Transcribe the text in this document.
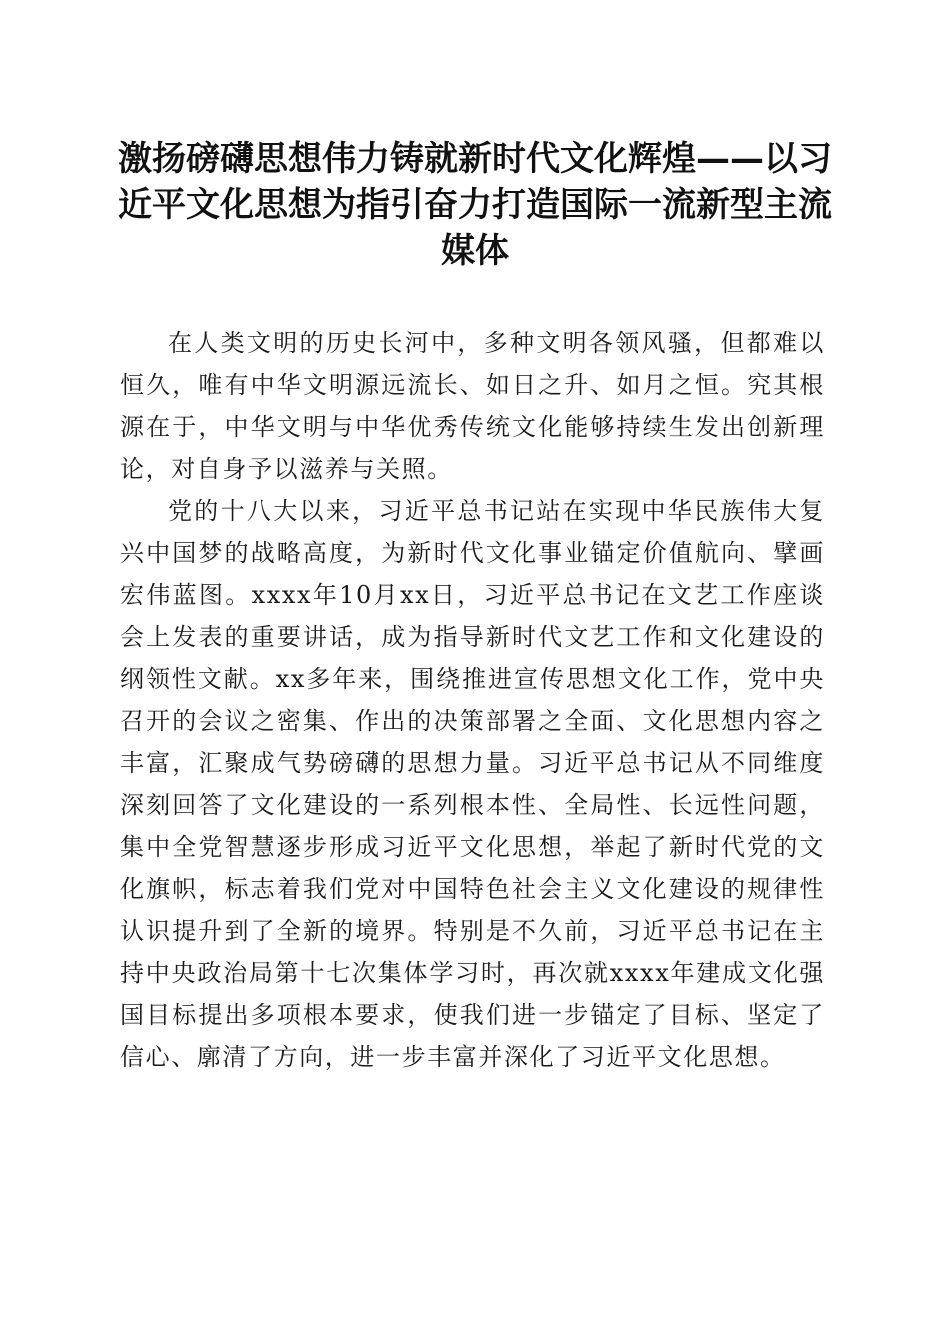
激扬磅礴思想伟力铸就新时代文化辉煌——以习近平文化思想为指引奋力打造国际一流新型主流媒体

在人类文明的历史长河中，多种文明各领风骚，但都难以恒久，唯有中华文明源远流长、如日之升、如月之恒。究其根源在于，中华文明与中华优秀传统文化能够持续生发出创新理论，对自身予以滋养与关照。

党的十八大以来，习近平总书记站在实现中华民族伟大复兴中国梦的战略高度，为新时代文化事业锚定价值航向、擘画宏伟蓝图。xxxx年10月xx日，习近平总书记在文艺工作座谈会上发表的重要讲话，成为指导新时代文艺工作和文化建设的纲领性文献。xx多年来，围绕推进宣传思想文化工作，党中央召开的会议之密集、作出的决策部署之全面、文化思想内容之丰富，汇聚成气势磅礴的思想力量。习近平总书记从不同维度深刻回答了文化建设的一系列根本性、全局性、长远性问题，集中全党智慧逐步形成习近平文化思想，举起了新时代党的文化旗帜，标志着我们党对中国特色社会主义文化建设的规律性认识提升到了全新的境界。特别是不久前，习近平总书记在主持中央政治局第十七次集体学习时，再次就xxxx年建成文化强国目标提出多项根本要求，使我们进一步锚定了目标、坚定了信心、廓清了方向，进一步丰富并深化了习近平文化思想。
